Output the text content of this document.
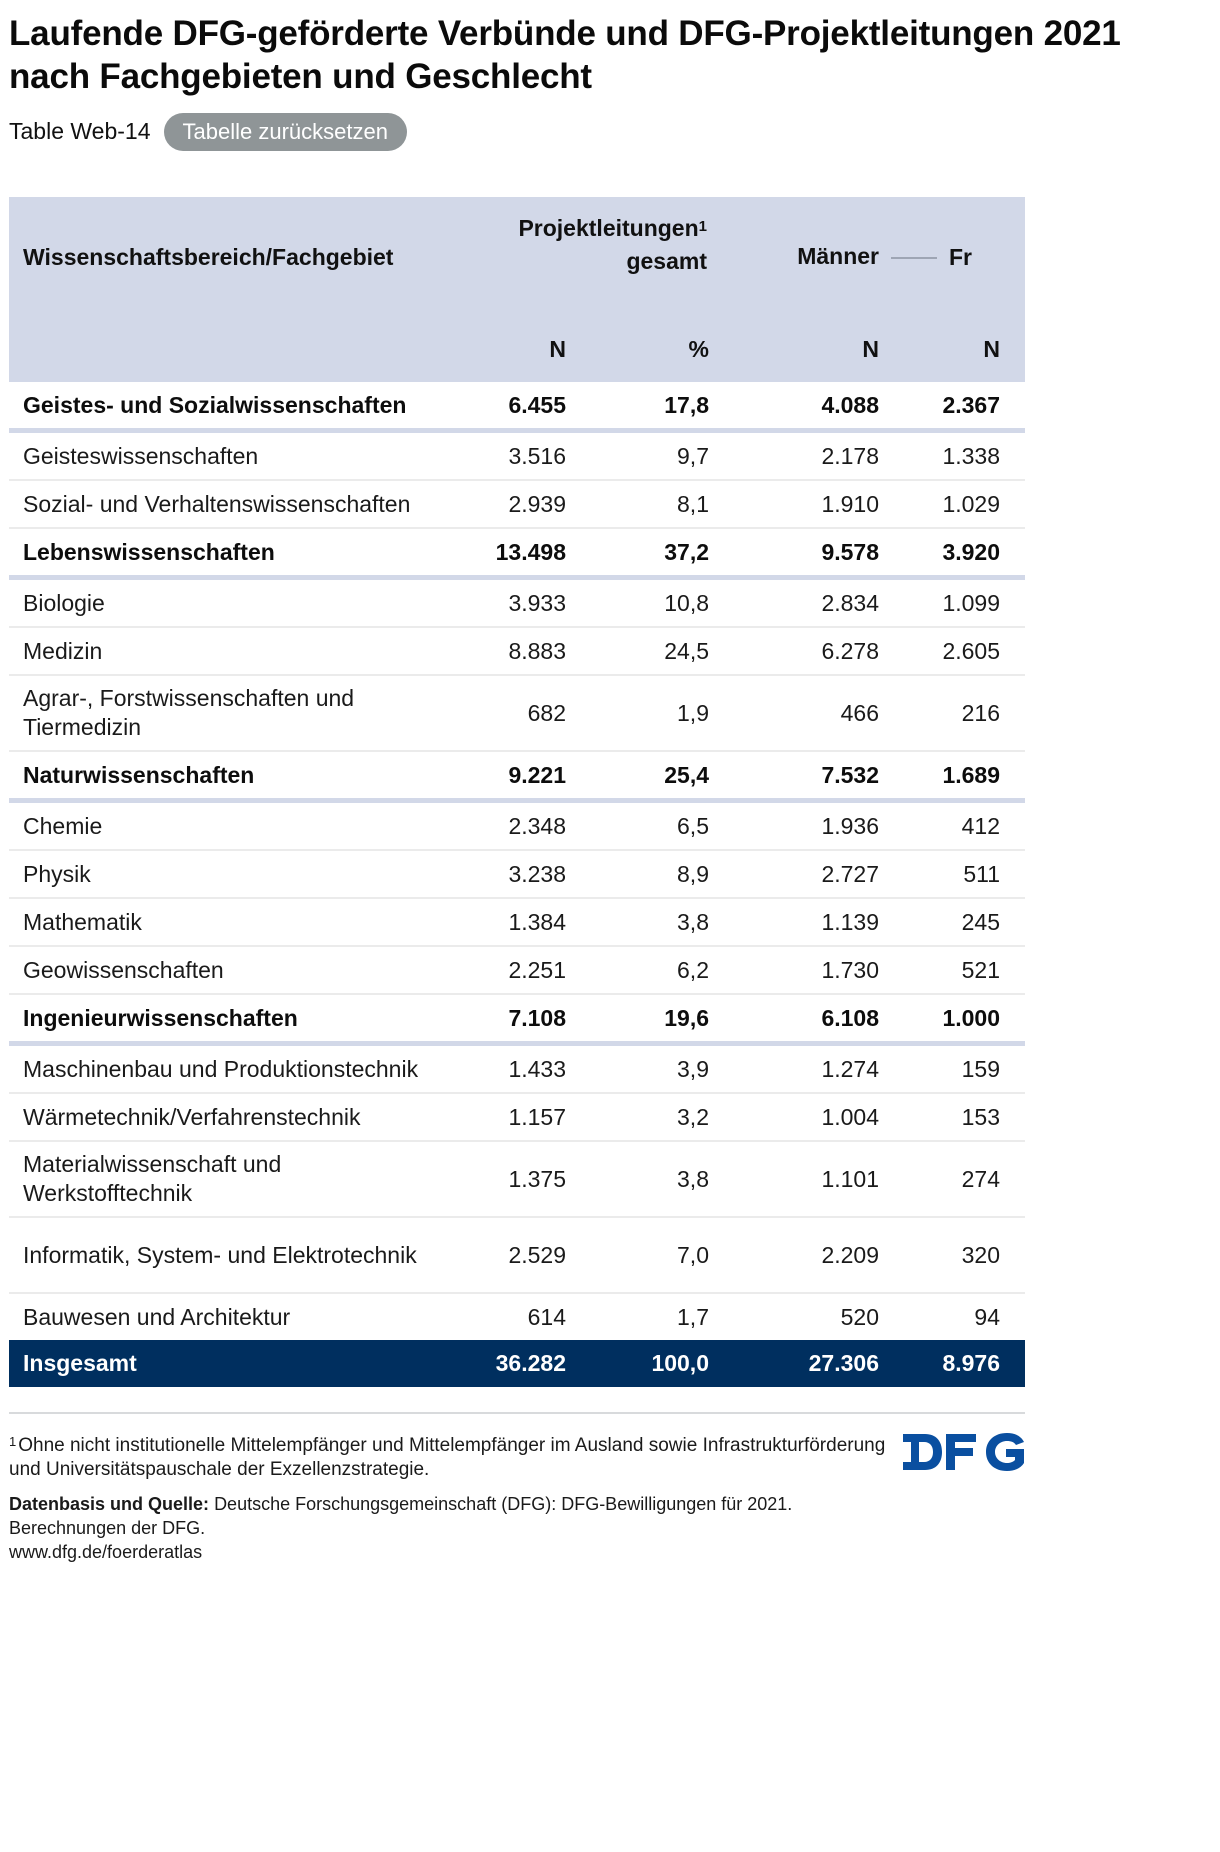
Laufende DFG-geförderte Verbünde und DFG-Projektleitungen 2021 nach Fachgebieten und Geschlecht
Table Web-14	Tabelle zurücksetzen
Wissenschaftsbereich/Fachgebiet	Projektleitungen$^1$
gesamt		Männer	Fr	
	N	%	N	N	
Geistes- und Sozialwissenschaften	6.455	17,8	4.088	2.367	
Geisteswissenschaften	3.516	9,7	2.178	1.338	
Sozial- und Verhaltenswissenschaften	2.939	8,1	1.910	1.029	
Lebenswissenschaften	13.498	37,2	9.578	3.920	
Biologie	3.933	10,8	2.834	1.099	
Medizin	8.883	24,5	6.278	2.605	
Agrar-, Forstwissenschaften und Tiermedizin	682	1,9	466	216	
Naturwissenschaften	9.221	25,4	7.532	1.689	
Chemie	2.348	6,5	1.936	412	
Physik	3.238	8,9	2.727	511	
Mathematik	1.384	3,8	1.139	245	
Geowissenschaften	2.251	6,2	1.730	521	
Ingenieurwissenschaften	7.108	19,6	6.108	1.000	
Maschinenbau und Produktionstechnik	1.433	3,9	1.274	159	
Wärmetechnik/Verfahrenstechnik	1.157	3,2	1.004	153	
Materialwissenschaft und Werkstofftechnik	1.375	3,8	1.101	274	
Informatik, System- und Elektrotechnik	2.529	7,0	2.209	320	
Bauwesen und Architektur	614	1,7	520	94	
Insgesamt	36.282	100,0	27.306	8.976	
$^1$ Ohne nicht institutionelle Mittelempfänger und Mittelempfänger im Ausland sowie Infrastrukturförderung und Universitätspauschale der Exzellenzstrategie.
Datenbasis und Quelle: Deutsche Forschungsgemeinschaft (DFG): DFG-Bewilligungen für 2021.
Berechnungen der DFG.
www.dfg.de/foerderatlas
